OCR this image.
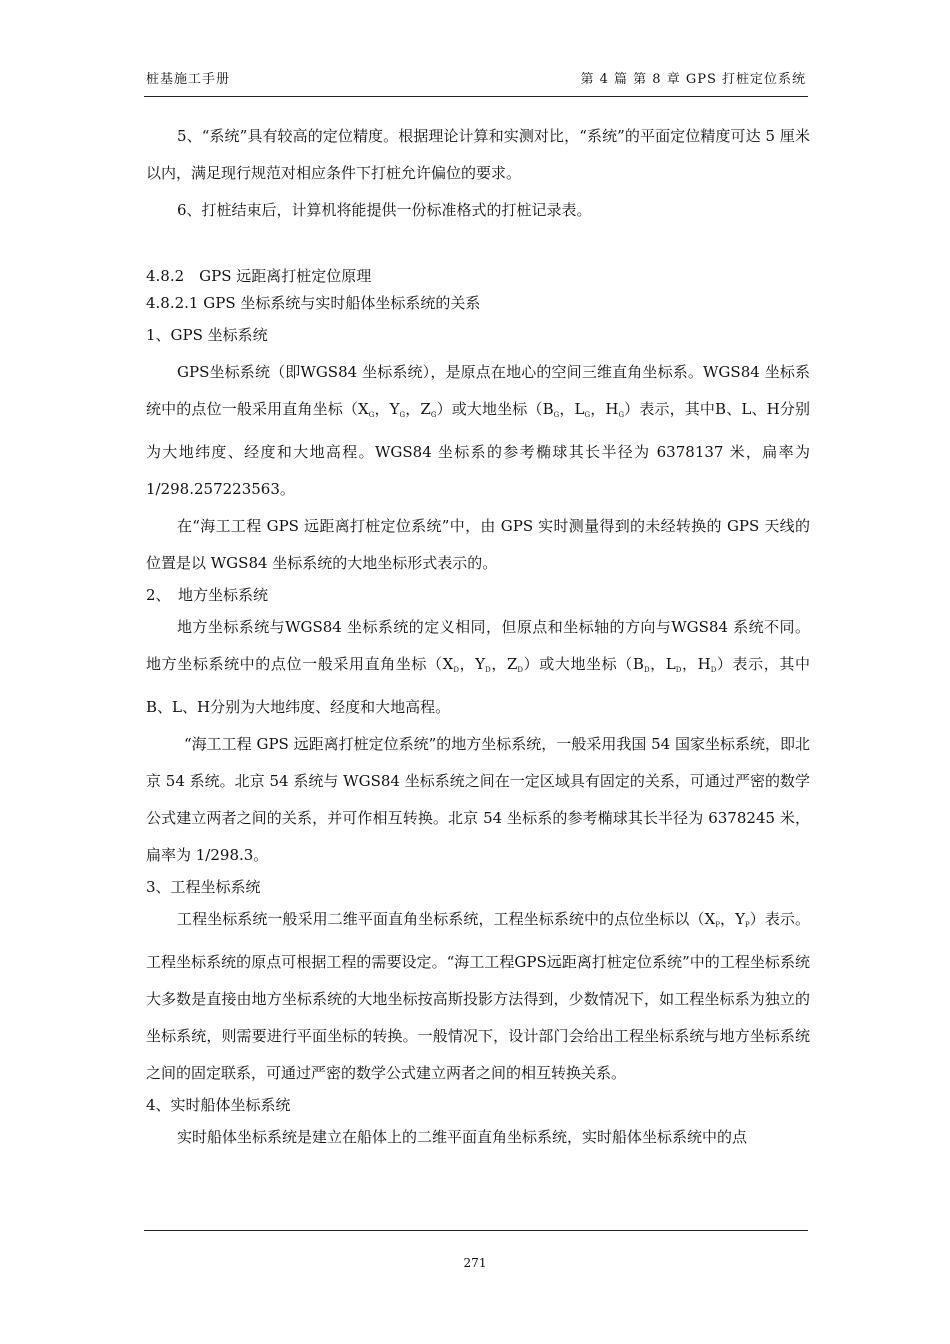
桩基施工手册	第 4 篇 第 8 章 GPS 打桩定位系统

5、“系统”具有较高的定位精度。根据理论计算和实测对比，“系统”的平面定位精度可达 5 厘米以内，满足现行规范对相应条件下打桩允许偏位的要求。

6、打桩结束后，计算机将能提供一份标准格式的打桩记录表。

4.8.2　GPS 远距离打桩定位原理

4.8.2.1 GPS 坐标系统与实时船体坐标系统的关系

1、GPS 坐标系统

GPS坐标系统（即WGS84 坐标系统），是原点在地心的空间三维直角坐标系。WGS84 坐标系统中的点位一般采用直角坐标（$X_G$，$Y_G$，$Z_G$）或大地坐标（$B_G$，$L_G$，$H_G$）表示，其中B、L、H分别为大地纬度、经度和大地高程。WGS84 坐标系的参考椭球其长半径为 6378137 米，扁率为 1/298.257223563。

在“海工工程 GPS 远距离打桩定位系统”中，由 GPS 实时测量得到的未经转换的 GPS 天线的位置是以 WGS84 坐标系统的大地坐标形式表示的。

2、　地方坐标系统

地方坐标系统与WGS84 坐标系统的定义相同，但原点和坐标轴的方向与WGS84 系统不同。地方坐标系统中的点位一般采用直角坐标（$X_D$，$Y_D$，$Z_D$）或大地坐标（$B_D$，$L_D$，$H_D$）表示，其中B、L、H分别为大地纬度、经度和大地高程。

“海工工程 GPS 远距离打桩定位系统”的地方坐标系统，一般采用我国 54 国家坐标系统，即北京 54 系统。北京 54 系统与 WGS84 坐标系统之间在一定区域具有固定的关系，可通过严密的数学公式建立两者之间的关系，并可作相互转换。北京 54 坐标系的参考椭球其长半径为 6378245 米，扁率为 1/298.3。

3、工程坐标系统

工程坐标系统一般采用二维平面直角坐标系统，工程坐标系统中的点位坐标以（$X_P$，$Y_P$）表示。工程坐标系统的原点可根据工程的需要设定。“海工工程GPS远距离打桩定位系统”中的工程坐标系统大多数是直接由地方坐标系统的大地坐标按高斯投影方法得到，少数情况下，如工程坐标系为独立的坐标系统，则需要进行平面坐标的转换。一般情况下，设计部门会给出工程坐标系统与地方坐标系统之间的固定联系，可通过严密的数学公式建立两者之间的相互转换关系。

4、实时船体坐标系统

实时船体坐标系统是建立在船体上的二维平面直角坐标系统，实时船体坐标系统中的点

271
